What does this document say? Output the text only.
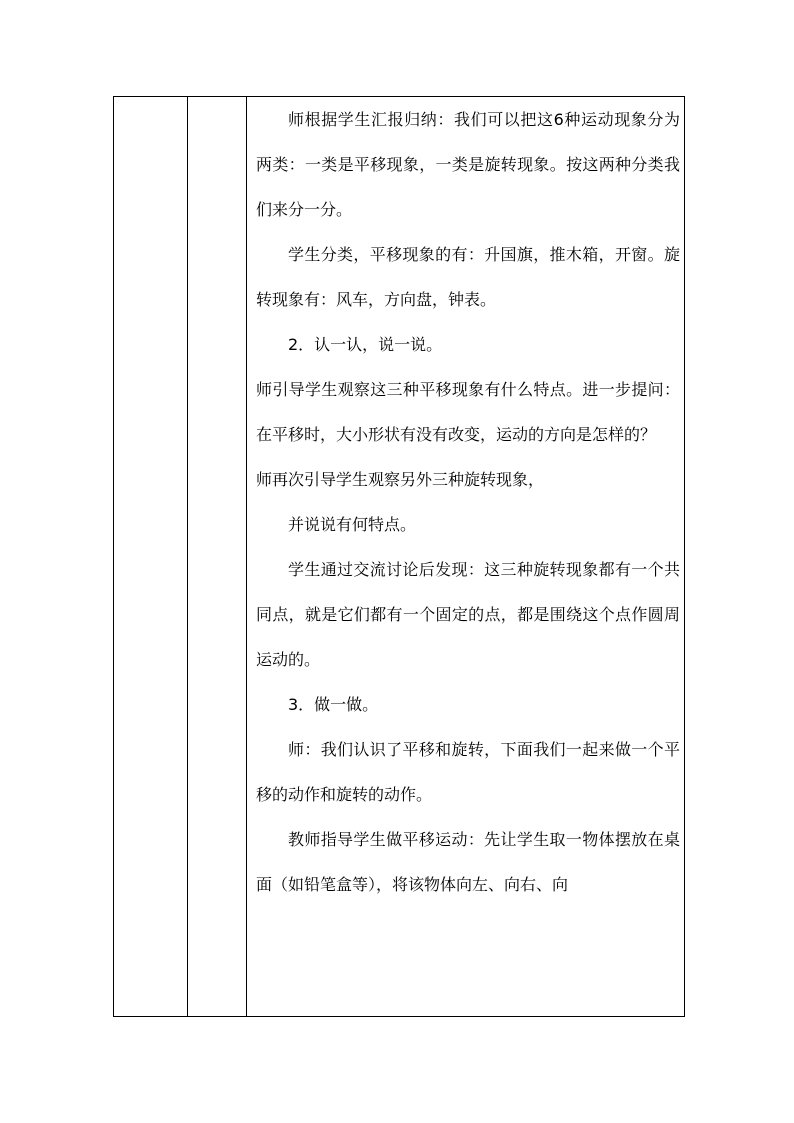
师根据学生汇报归纳：我们可以把这6种运动现象分为两类：一类是平移现象，一类是旋转现象。按这两种分类我们来分一分。

学生分类，平移现象的有：升国旗，推木箱，开窗。旋转现象有：风车，方向盘，钟表。

2．认一认，说一说。

师引导学生观察这三种平移现象有什么特点。进一步提问：在平移时，大小形状有没有改变，运动的方向是怎样的？

师再次引导学生观察另外三种旋转现象，

并说说有何特点。

学生通过交流讨论后发现：这三种旋转现象都有一个共同点，就是它们都有一个固定的点，都是围绕这个点作圆周运动的。

3．做一做。

师：我们认识了平移和旋转，下面我们一起来做一个平移的动作和旋转的动作。

教师指导学生做平移运动：先让学生取一物体摆放在桌面（如铅笔盒等），将该物体向左、向右、向
